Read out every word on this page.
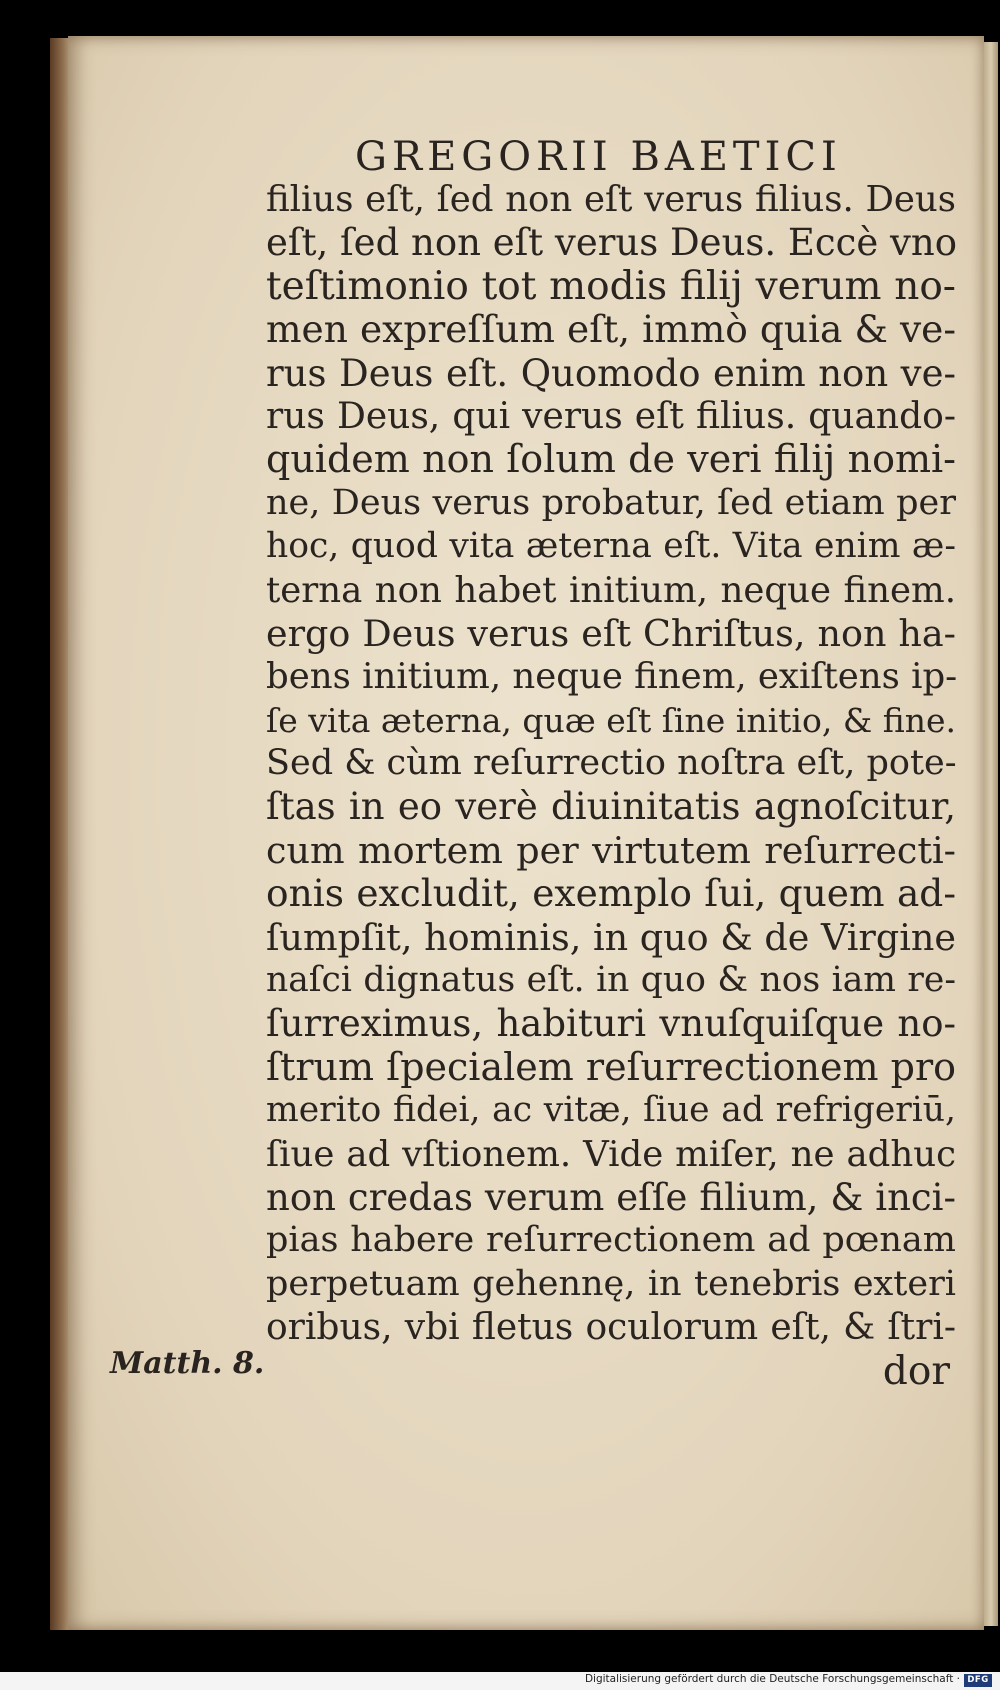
GREGORII BAETICI
filius eſt, ſed non eſt verus filius. Deus
eſt, ſed non eſt verus Deus. Eccè vno
teſtimonio tot modis filij verum no-
men expreſſum eſt, immò quia & ve-
rus Deus eſt. Quomodo enim non ve-
rus Deus, qui verus eſt filius. quando-
quidem non ſolum de veri filij nomi-
ne, Deus verus probatur, ſed etiam per
hoc, quod vita æterna eſt. Vita enim æ-
terna non habet initium, neque finem.
ergo Deus verus eſt Chriſtus, non ha-
bens initium, neque finem, exiſtens ip-
ſe vita æterna, quæ eſt ſine initio, & fine.
Sed & cùm reſurrectio noſtra eſt, pote-
ſtas in eo verè diuinitatis agnoſcitur,
cum mortem per virtutem reſurrecti-
onis excludit, exemplo ſui, quem ad-
ſumpſit, hominis, in quo & de Virgine
naſci dignatus eſt. in quo & nos iam re-
ſurreximus, habituri vnuſquiſque no-
ſtrum ſpecialem reſurrectionem pro
merito fidei, ac vitæ, ſiue ad refrigeriū,
ſiue ad vſtionem. Vide miſer, ne adhuc
non credas verum eſſe filium, & inci-
pias habere reſurrectionem ad pœnam
perpetuam gehennę, in tenebris exteri
oribus, vbi fletus oculorum eſt, & ſtri-
dor
Matth. 8.
Digitalisierung gefördert durch die Deutsche Forschungsgemeinschaft · DFG
